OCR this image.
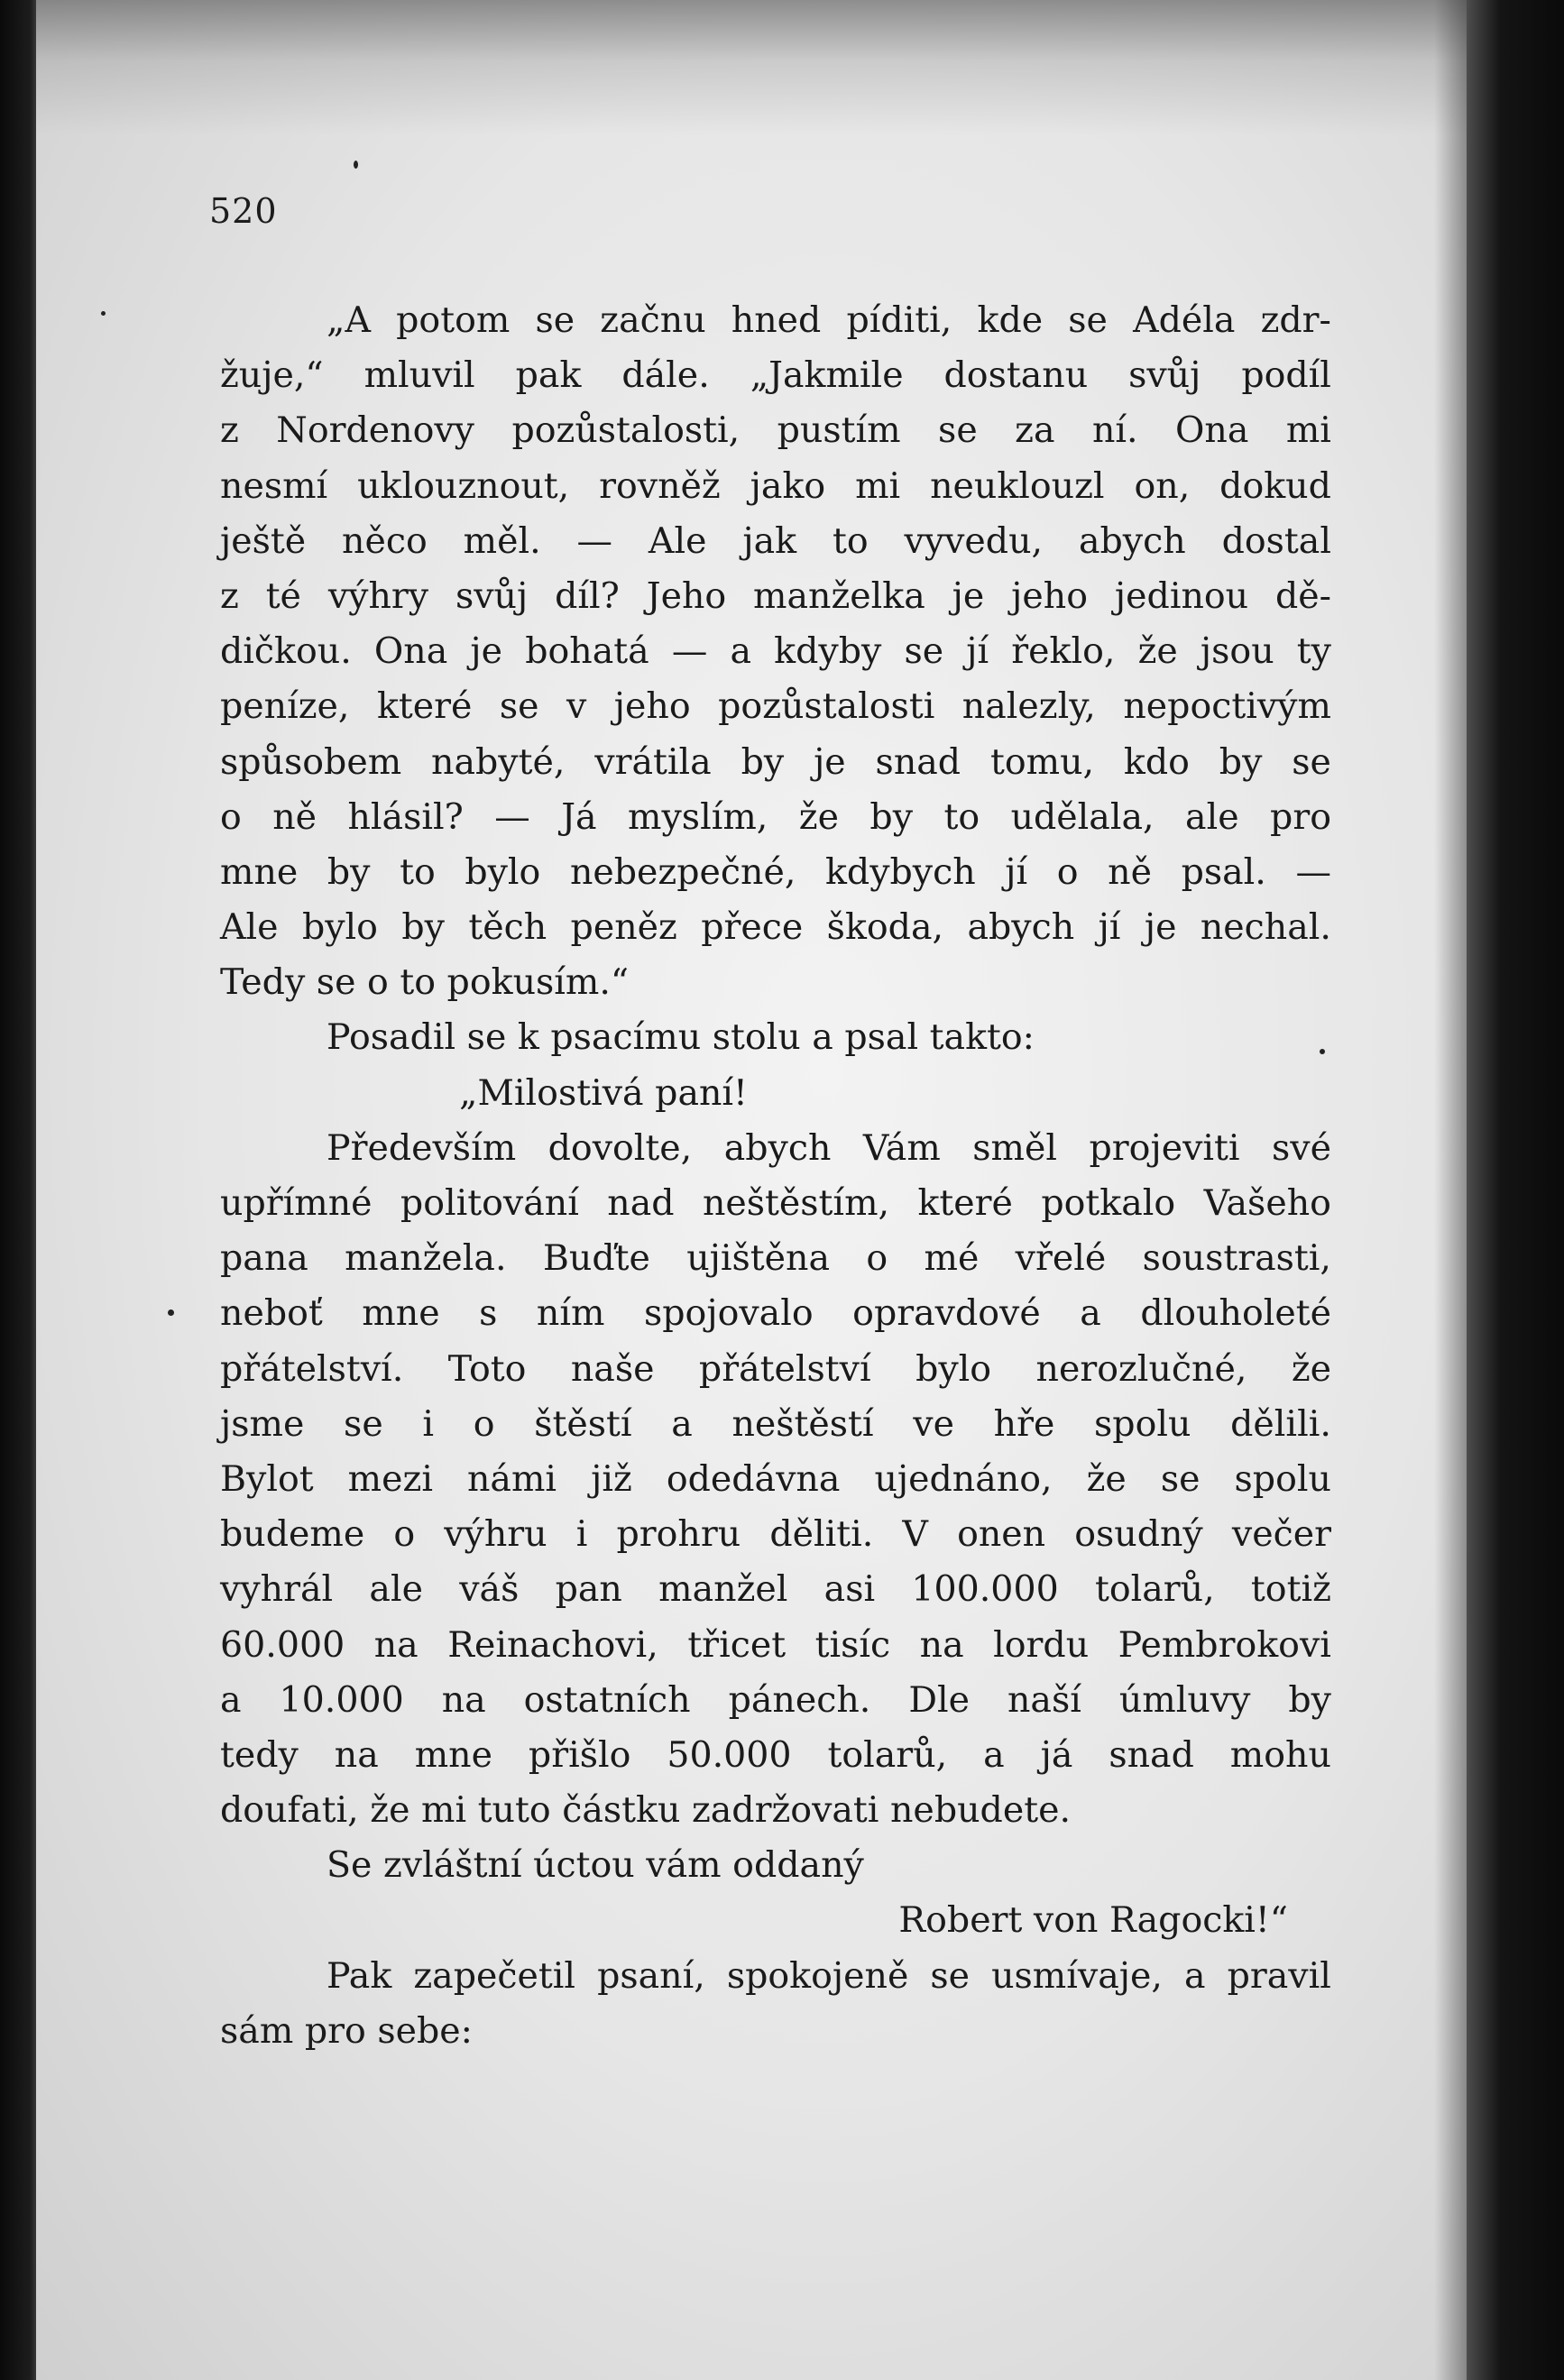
520
„A potom se začnu hned píditi, kde se Adéla zdr-
žuje,“ mluvil pak dále. „Jakmile dostanu svůj podíl
z Nordenovy pozůstalosti, pustím se za ní. Ona mi
nesmí uklouznout, rovněž jako mi neuklouzl on, dokud
ještě něco měl. — Ale jak to vyvedu, abych dostal
z té výhry svůj díl? Jeho manželka je jeho jedinou dě-
dičkou. Ona je bohatá — a kdyby se jí řeklo, že jsou ty
peníze, které se v jeho pozůstalosti nalezly, nepoctivým
spůsobem nabyté, vrátila by je snad tomu, kdo by se
o ně hlásil? — Já myslím, že by to udělala, ale pro
mne by to bylo nebezpečné, kdybych jí o ně psal. —
Ale bylo by těch peněz přece škoda, abych jí je nechal.
Tedy se o to pokusím.“
Posadil se k psacímu stolu a psal takto:
„Milostivá paní!
Především dovolte, abych Vám směl projeviti své
upřímné politování nad neštěstím, které potkalo Vašeho
pana manžela. Buďte ujištěna o mé vřelé soustrasti,
neboť mne s ním spojovalo opravdové a dlouholeté
přátelství. Toto naše přátelství bylo nerozlučné, že
jsme se i o štěstí a neštěstí ve hře spolu dělili.
Bylot mezi námi již odedávna ujednáno, že se spolu
budeme o výhru i prohru děliti. V onen osudný večer
vyhrál ale váš pan manžel asi 100.000 tolarů, totiž
60.000 na Reinachovi, třicet tisíc na lordu Pembrokovi
a 10.000 na ostatních pánech. Dle naší úmluvy by
tedy na mne přišlo 50.000 tolarů, a já snad mohu
doufati, že mi tuto částku zadržovati nebudete.
Se zvláštní úctou vám oddaný
Robert von Ragocki!“
Pak zapečetil psaní, spokojeně se usmívaje, a pravil
sám pro sebe:
